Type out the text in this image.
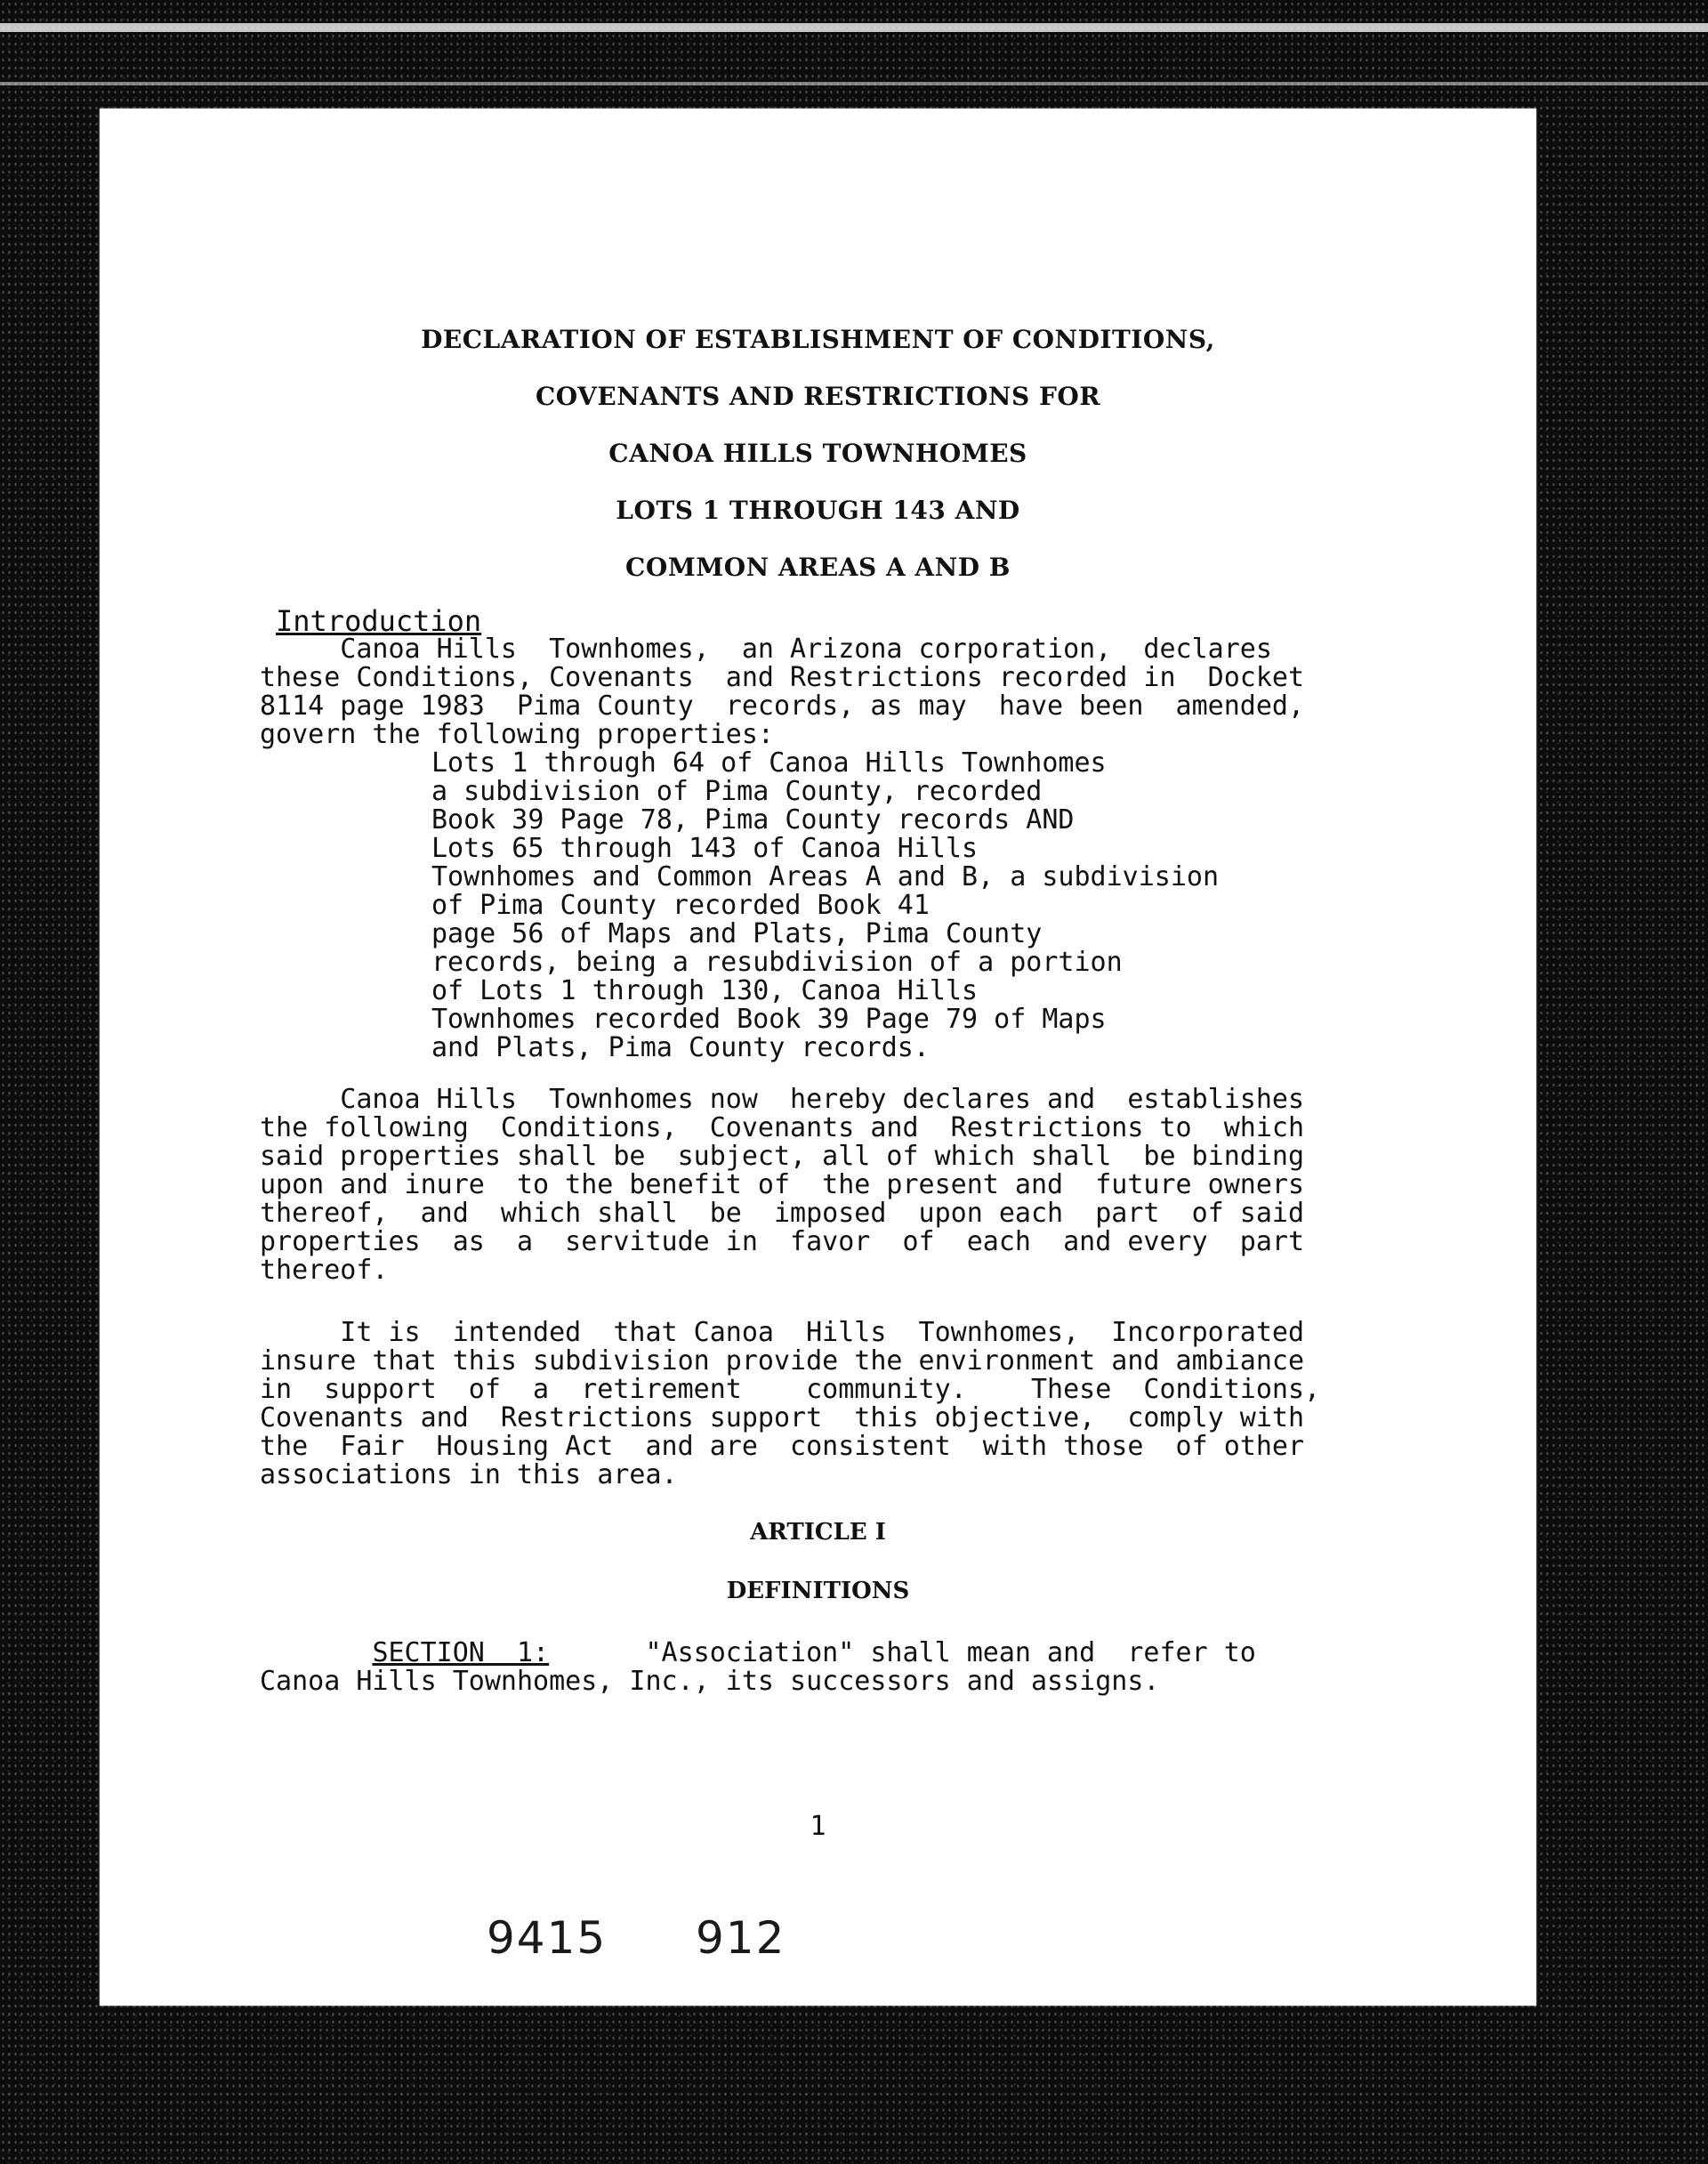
DECLARATION OF ESTABLISHMENT OF CONDITIONS,
COVENANTS AND RESTRICTIONS FOR
CANOA HILLS TOWNHOMES
LOTS 1 THROUGH 143 AND
COMMON AREAS A AND B
Introduction
Canoa Hills  Townhomes,  an Arizona corporation,  declares
these Conditions, Covenants  and Restrictions recorded in  Docket
8114 page 1983  Pima County  records, as may  have been  amended,
govern the following properties:
Lots 1 through 64 of Canoa Hills Townhomes
a subdivision of Pima County, recorded
Book 39 Page 78, Pima County records AND
Lots 65 through 143 of Canoa Hills
Townhomes and Common Areas A and B, a subdivision
of Pima County recorded Book 41
page 56 of Maps and Plats, Pima County
records, being a resubdivision of a portion
of Lots 1 through 130, Canoa Hills
Townhomes recorded Book 39 Page 79 of Maps
and Plats, Pima County records.
Canoa Hills  Townhomes now  hereby declares and  establishes
the following  Conditions,  Covenants and  Restrictions to  which
said properties shall be  subject, all of which shall  be binding
upon and inure  to the benefit of  the present and  future owners
thereof,  and  which shall  be  imposed  upon each  part  of said
properties  as  a  servitude in  favor  of  each  and every  part
thereof.
It is  intended  that Canoa  Hills  Townhomes,  Incorporated
insure that this subdivision provide the environment and ambiance
in  support  of  a  retirement    community.    These  Conditions,
Covenants and  Restrictions support  this objective,  comply with
the  Fair  Housing Act  and are  consistent  with those  of other
associations in this area.
ARTICLE I
DEFINITIONS
SECTION  1:      "Association" shall mean and  refer to
Canoa Hills Townhomes, Inc., its successors and assigns.
1
9415 912
